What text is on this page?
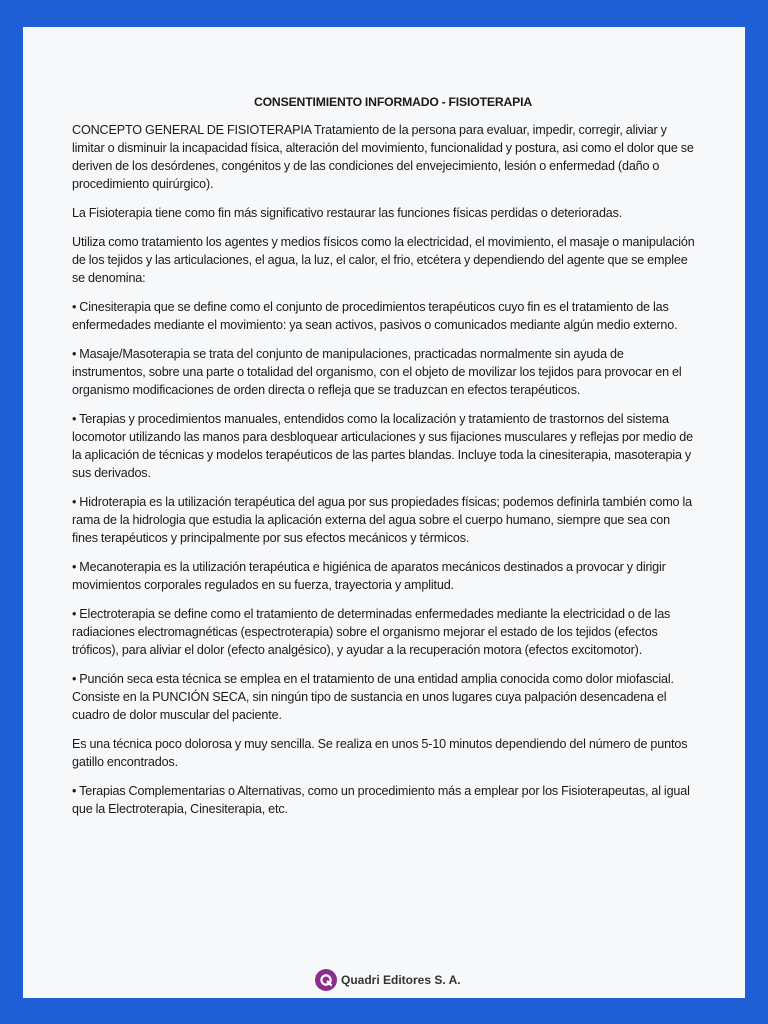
CONSENTIMIENTO INFORMADO - FISIOTERAPIA

CONCEPTO GENERAL DE FISIOTERAPIA Tratamiento de la persona para evaluar, impedir, corregir, aliviar y limitar o disminuir la incapacidad física, alteración del movimiento, funcionalidad y postura, asi como el dolor que se deriven de los desórdenes, congénitos y de las condiciones del envejecimiento, lesión o enfermedad (daño o procedimiento quirúrgico).

La Fisioterapia tiene como fin más significativo restaurar las funciones físicas perdidas o deterioradas.

Utiliza como tratamiento los agentes y medios físicos como la electricidad, el movimiento, el masaje o manipulación de los tejidos y las articulaciones, el agua, la luz, el calor, el frio, etcétera y dependiendo del agente que se emplee se denomina:

• Cinesiterapia que se define como el conjunto de procedimientos terapéuticos cuyo fin es el tratamiento de las enfermedades mediante el movimiento: ya sean activos, pasivos o comunicados mediante algún medio externo.

• Masaje/Masoterapia se trata del conjunto de manipulaciones, practicadas normalmente sin ayuda de instrumentos, sobre una parte o totalidad del organismo, con el objeto de movilizar los tejidos para provocar en el organismo modificaciones de orden directa o refleja que se traduzcan en efectos terapéuticos.

• Terapias y procedimientos manuales, entendidos como la localización y tratamiento de trastornos del sistema locomotor utilizando las manos para desbloquear articulaciones y sus fijaciones musculares y reflejas por medio de la aplicación de técnicas y modelos terapéuticos de las partes blandas. Incluye toda la cinesiterapia, masoterapia y sus derivados.

• Hidroterapia es la utilización terapéutica del agua por sus propiedades físicas; podemos definirla también como la rama de la hidrologia que estudia la aplicación externa del agua sobre el cuerpo humano, siempre que sea con fines terapéuticos y principalmente por sus efectos mecánicos y térmicos.

• Mecanoterapia es la utilización terapéutica e higiénica de aparatos mecánicos destinados a provocar y dirigir movimientos corporales regulados en su fuerza, trayectoria y amplitud.

• Electroterapia se define como el tratamiento de determinadas enfermedades mediante la electricidad o de las radiaciones electromagnéticas (espectroterapia) sobre el organismo mejorar el estado de los tejidos (efectos tróficos), para aliviar el dolor (efecto analgésico), y ayudar a la recuperación motora (efectos excitomotor).

• Punción seca esta técnica se emplea en el tratamiento de una entidad amplia conocida como dolor miofascial. Consiste en la PUNCIÓN SECA, sin ningún tipo de sustancia en unos lugares cuya palpación desencadena el cuadro de dolor muscular del paciente.

Es una técnica poco dolorosa y muy sencilla. Se realiza en unos 5-10 minutos dependiendo del número de puntos gatillo encontrados.

• Terapias Complementarias o Alternativas, como un procedimiento más a emplear por los Fisioterapeutas, al igual que la Electroterapia, Cinesiterapia, etc.

Quadri Editores S. A.
